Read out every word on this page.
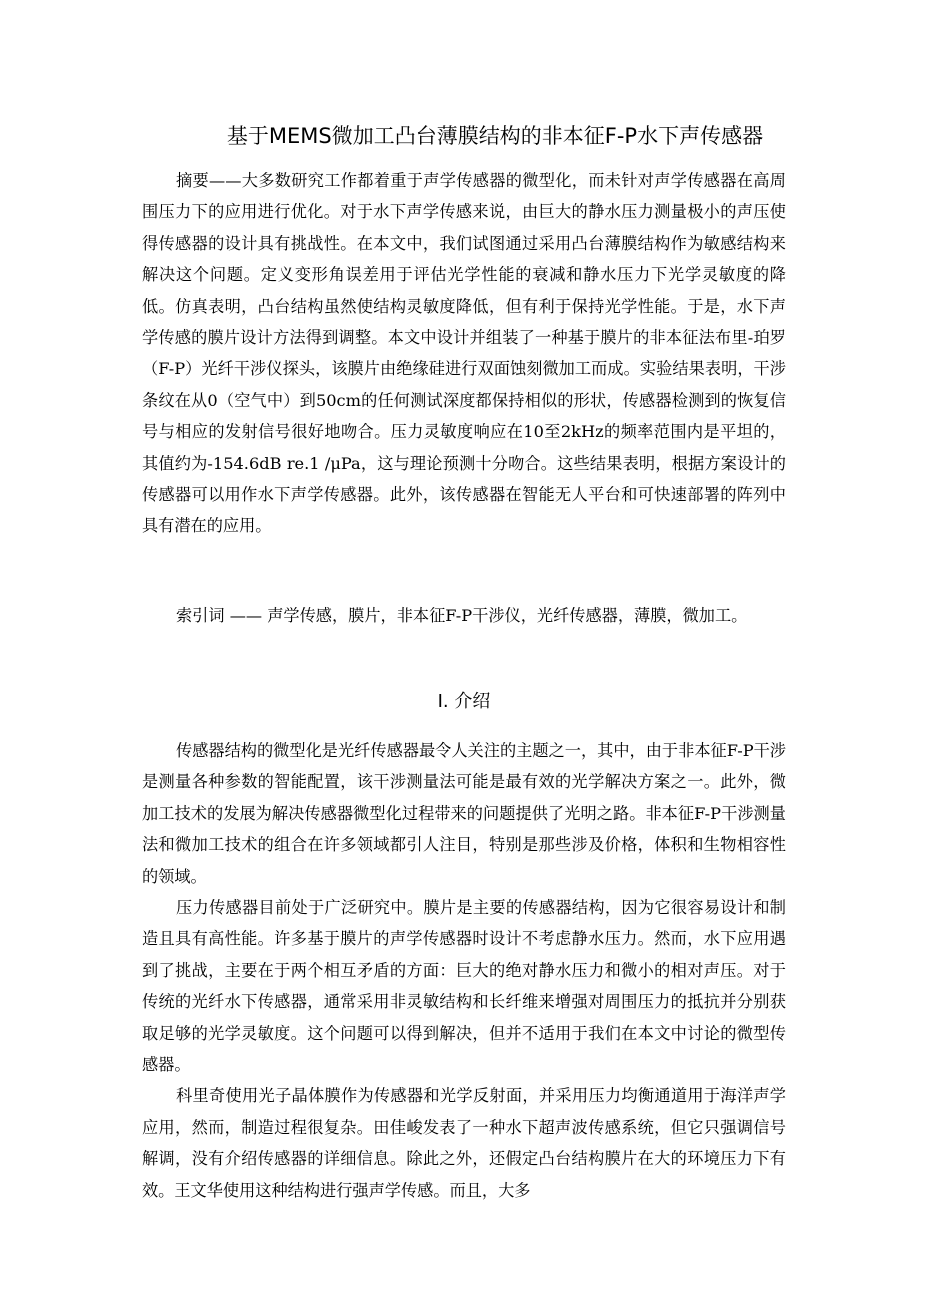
基于MEMS微加工凸台薄膜结构的非本征F-P水下声传感器

摘要——大多数研究工作都着重于声学传感器的微型化，而未针对声学传感器在高周围压力下的应用进行优化。对于水下声学传感来说，由巨大的静水压力测量极小的声压使得传感器的设计具有挑战性。在本文中，我们试图通过采用凸台薄膜结构作为敏感结构来解决这个问题。定义变形角误差用于评估光学性能的衰减和静水压力下光学灵敏度的降低。仿真表明，凸台结构虽然使结构灵敏度降低，但有利于保持光学性能。于是，水下声学传感的膜片设计方法得到调整。本文中设计并组装了一种基于膜片的非本征法布里-珀罗（F-P）光纤干涉仪探头，该膜片由绝缘硅进行双面蚀刻微加工而成。实验结果表明，干涉条纹在从0（空气中）到50cm的任何测试深度都保持相似的形状，传感器检测到的恢复信号与相应的发射信号很好地吻合。压力灵敏度响应在10至2kHz的频率范围内是平坦的，其值约为-154.6dB re.1 /μPa，这与理论预测十分吻合。这些结果表明，根据方案设计的传感器可以用作水下声学传感器。此外，该传感器在智能无人平台和可快速部署的阵列中具有潜在的应用。

索引词 —— 声学传感，膜片，非本征F-P干涉仪，光纤传感器，薄膜，微加工。

I. 介绍

传感器结构的微型化是光纤传感器最令人关注的主题之一，其中，由于非本征F-P干涉是测量各种参数的智能配置，该干涉测量法可能是最有效的光学解决方案之一。此外，微加工技术的发展为解决传感器微型化过程带来的问题提供了光明之路。非本征F-P干涉测量法和微加工技术的组合在许多领域都引人注目，特别是那些涉及价格，体积和生物相容性的领域。

压力传感器目前处于广泛研究中。膜片是主要的传感器结构，因为它很容易设计和制造且具有高性能。许多基于膜片的声学传感器时设计不考虑静水压力。然而，水下应用遇到了挑战，主要在于两个相互矛盾的方面：巨大的绝对静水压力和微小的相对声压。对于传统的光纤水下传感器，通常采用非灵敏结构和长纤维来增强对周围压力的抵抗并分别获取足够的光学灵敏度。这个问题可以得到解决，但并不适用于我们在本文中讨论的微型传感器。

科里奇使用光子晶体膜作为传感器和光学反射面，并采用压力均衡通道用于海洋声学应用，然而，制造过程很复杂。田佳峻发表了一种水下超声波传感系统，但它只强调信号解调，没有介绍传感器的详细信息。除此之外，还假定凸台结构膜片在大的环境压力下有效。王文华使用这种结构进行强声学传感。而且，大多
